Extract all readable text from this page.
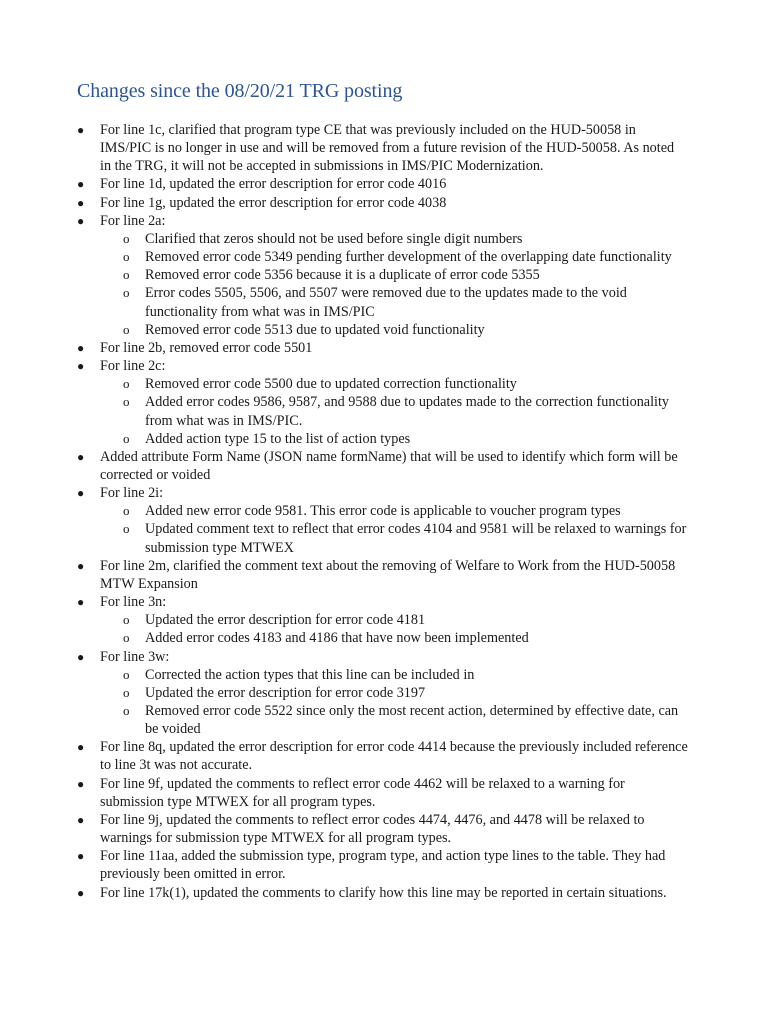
Changes since the 08/20/21 TRG posting
● For line 1c, clarified that program type CE that was previously included on the HUD-50058 in IMS/PIC is no longer in use and will be removed from a future revision of the HUD-50058. As noted in the TRG, it will not be accepted in submissions in IMS/PIC Modernization.
● For line 1d, updated the error description for error code 4016
● For line 1g, updated the error description for error code 4038
● For line 2a:
o Clarified that zeros should not be used before single digit numbers
o Removed error code 5349 pending further development of the overlapping date functionality
o Removed error code 5356 because it is a duplicate of error code 5355
o Error codes 5505, 5506, and 5507 were removed due to the updates made to the void functionality from what was in IMS/PIC
o Removed error code 5513 due to updated void functionality
● For line 2b, removed error code 5501
● For line 2c:
o Removed error code 5500 due to updated correction functionality
o Added error codes 9586, 9587, and 9588 due to updates made to the correction functionality from what was in IMS/PIC.
o Added action type 15 to the list of action types
● Added attribute Form Name (JSON name formName) that will be used to identify which form will be corrected or voided
● For line 2i:
o Added new error code 9581. This error code is applicable to voucher program types
o Updated comment text to reflect that error codes 4104 and 9581 will be relaxed to warnings for submission type MTWEX
● For line 2m, clarified the comment text about the removing of Welfare to Work from the HUD-50058 MTW Expansion
● For line 3n:
o Updated the error description for error code 4181
o Added error codes 4183 and 4186 that have now been implemented
● For line 3w:
o Corrected the action types that this line can be included in
o Updated the error description for error code 3197
o Removed error code 5522 since only the most recent action, determined by effective date, can be voided
● For line 8q, updated the error description for error code 4414 because the previously included reference to line 3t was not accurate.
● For line 9f, updated the comments to reflect error code 4462 will be relaxed to a warning for submission type MTWEX for all program types.
● For line 9j, updated the comments to reflect error codes 4474, 4476, and 4478 will be relaxed to warnings for submission type MTWEX for all program types.
● For line 11aa, added the submission type, program type, and action type lines to the table. They had previously been omitted in error.
● For line 17k(1), updated the comments to clarify how this line may be reported in certain situations.
